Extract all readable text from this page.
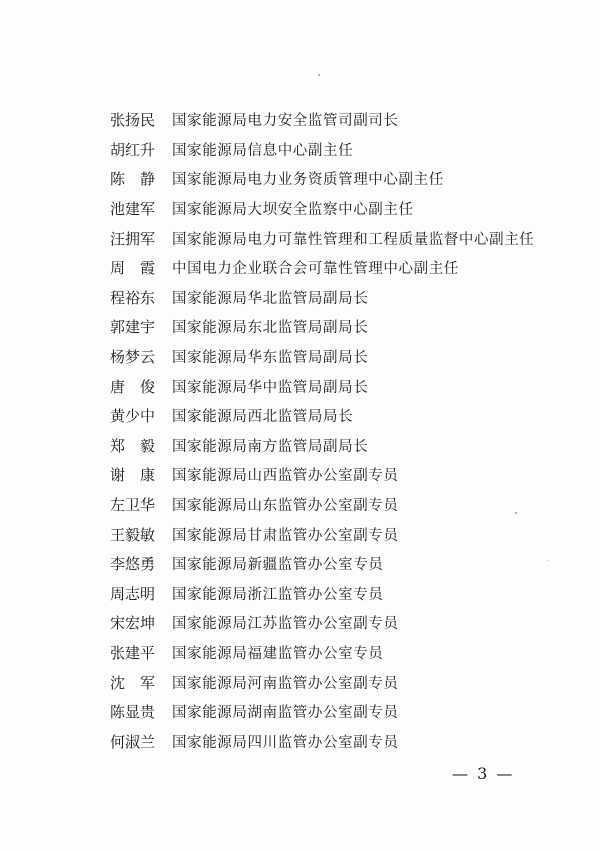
张扬民	国家能源局电力安全监管司副司长
胡红升	国家能源局信息中心副主任
陈静 国家能源局电力业务资质管理中心副主任
池建军	国家能源局大坝安全监察中心副主任
汪拥军	国家能源局电力可靠性管理和工程质量监督中心副主任
周霞 中国电力企业联合会可靠性管理中心副主任
程裕东	国家能源局华北监管局副局长
郭建宇	国家能源局东北监管局副局长
杨梦云	国家能源局华东监管局副局长
唐俊 国家能源局华中监管局副局长
黄少中	国家能源局西北监管局局长
郑毅 国家能源局南方监管局副局长
谢康 国家能源局山西监管办公室副专员
左卫华	国家能源局山东监管办公室副专员
王毅敏	国家能源局甘肃监管办公室副专员
李悠勇	国家能源局新疆监管办公室专员
周志明	国家能源局浙江监管办公室专员
宋宏坤	国家能源局江苏监管办公室副专员
张建平	国家能源局福建监管办公室专员
沈军 国家能源局河南监管办公室副专员
陈显贵	国家能源局湖南监管办公室副专员
何淑兰	国家能源局四川监管办公室副专员
— 3 —
